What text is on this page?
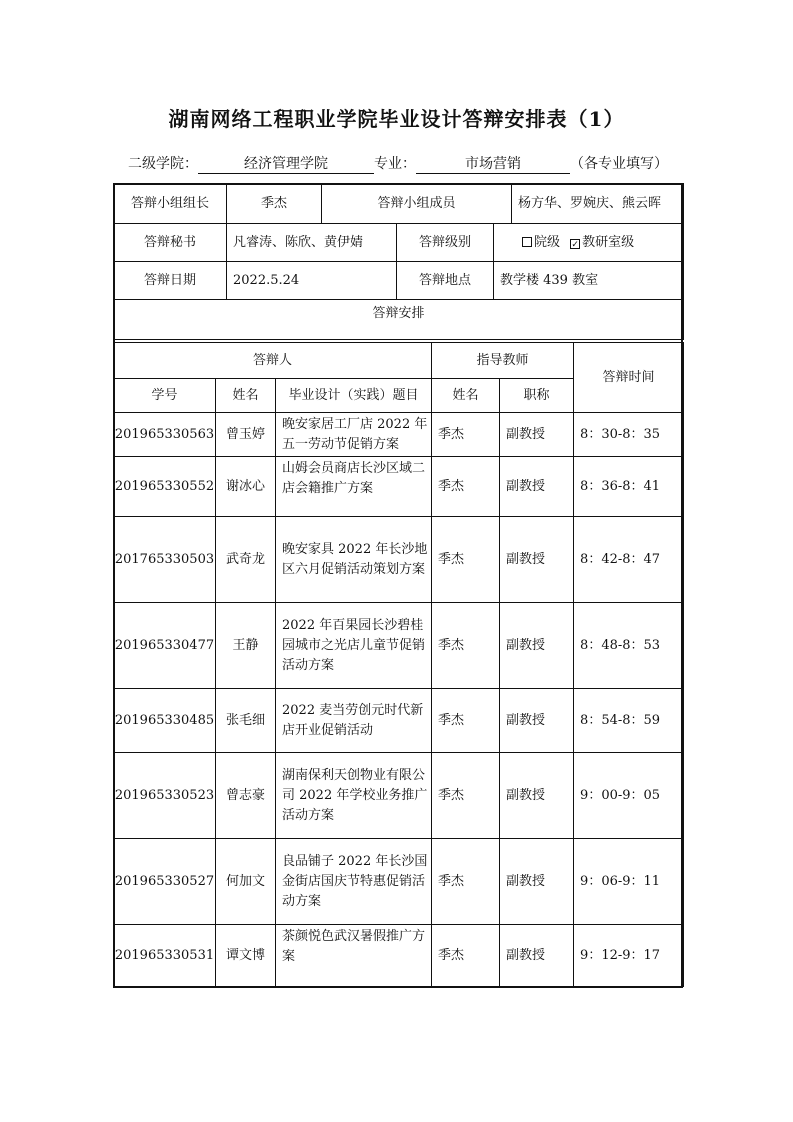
湖南网络工程职业学院毕业设计答辩安排表（1）
二级学院：	经济管理学院	专业：	市场营销	（各专业填写）
答辩小组组长	季杰	答辩小组成员	杨方华、罗婉庆、熊云晖
答辩秘书	凡睿涛、陈欣、黄伊婧	答辩级别	院级 ✓ 教研室级
答辩日期	2022.5.24	答辩地点	教学楼 439 教室
答辩安排			
答辩人			指导教师		答辩时间
学号	姓名	毕业设计（实践）题目	姓名	职称	
201965330563	曾玉婷	晚安家居工厂店 2022 年五一劳动节促销方案	季杰	副教授	8：30-8：35
201965330552	谢冰心	山姆会员商店长沙区域二店会籍推广方案	季杰	副教授	8：36-8：41
201765330503	武奇龙	晚安家具 2022 年长沙地区六月促销活动策划方案	季杰	副教授	8：42-8：47
201965330477	王静	2022 年百果园长沙碧桂园城市之光店儿童节促销活动方案	季杰	副教授	8：48-8：53
201965330485	张毛细	2022 麦当劳创元时代新店开业促销活动	季杰	副教授	8：54-8：59
201965330523	曾志豪	湖南保利天创物业有限公司 2022 年学校业务推广活动方案	季杰	副教授	9：00-9：05
201965330527	何加文	良品铺子 2022 年长沙国金街店国庆节特惠促销活动方案	季杰	副教授	9：06-9：11
201965330531	谭文博	茶颜悦色武汉暑假推广方案	季杰	副教授	9：12-9：17
